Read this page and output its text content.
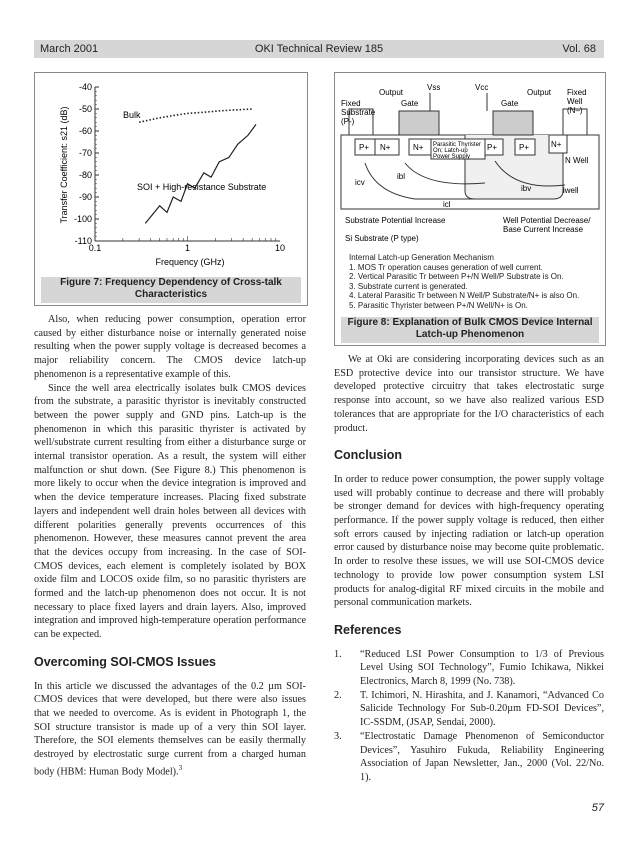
March 2001	OKI Technical Review 185	Vol. 68
-40
-50
-60
-70
-80
-90
-100
-110
0.1	1	10
Transfer Coefficient: s21 (dB)
Frequency (GHz)
Bulk
SOI + High-resistance Substrate
Figure 7: Frequency Dependency of Cross-talk Characteristics
Vss	Vcc
Output
Gate
Output
Gate
Fixed
Substrate
(P-)
Fixed
Well
(N–)
P+ N+	N+	P+	P+	N+
Parasitic Thyrister
On; Latch-up
Power Supply	N Well
icv
ibl
icl
ibv	iwell
Substrate Potential Increase	Well Potential Decrease/
Base Current Increase
Si Substrate (P type)
Internal Latch-up Generation Mechanism
1. MOS Tr operation causes generation of well current.
2. Vertical Parasitic Tr between P+/N Well/P Substrate is On.
3. Substrate current is generated.
4. Lateral Parasitic Tr between N Well/P Substrate/N+ is also On.
5. Parasitic Thyrister between P+/N Well/N+ is On.
Figure 8: Explanation of Bulk CMOS Device Internal Latch-up Phenomenon

Also, when reducing power consumption, operation error caused by either disturbance noise or internally generated noise resulting when the power supply voltage is decreased becomes a major reliability concern. The CMOS device latch-up phenomenon is a representative example of this.

Since the well area electrically isolates bulk CMOS devices from the substrate, a parasitic thyristor is inevitably constructed between the power supply and GND pins. Latch-up is the phenomenon in which this parasitic thyrister is activated by well/substrate current resulting from either a disturbance surge or internal transistor operation. As a result, the system will either malfunction or shut down. (See Figure 8.) This phenomenon is more likely to occur when the device integration is improved and when the device temperature increases. Placing fixed substrate layers and independent well drain holes between all devices with different polarities generally prevents occurrences of this phenomenon. However, these measures cannot prevent the area that the devices occupy from increasing. In the case of SOI-CMOS devices, each element is completely isolated by BOX oxide film and LOCOS oxide film, so no parasitic thyristers are formed and the latch-up phenomenon does not occur. It is not necessary to place fixed layers and drain layers. Also, improved integration and improved high-temperature operation performance can be expected.

Overcoming SOI-CMOS Issues

In this article we discussed the advantages of the 0.2 µm SOI-CMOS devices that were developed, but there were also issues that we needed to overcome. As is evident in Photograph 1, the SOI structure transistor is made up of a very thin SOI layer. Therefore, the SOI elements themselves can be easily thermally destroyed by electrostatic surge current from a charged human body (HBM: Human Body Model).$^3$

We at Oki are considering incorporating devices such as an ESD protective device into our transistor structure. We have developed protective circuitry that takes electrostatic surge response into account, so we have also realized various ESD tolerances that are appropriate for the I/O characteristics of each product.

Conclusion

In order to reduce power consumption, the power supply voltage used will probably continue to decrease and there will probably be stronger demand for devices with high-frequency operating performance. If the power supply voltage is reduced, then either soft errors caused by injecting radiation or latch-up operation error caused by disturbance noise may become quite problematic. In order to resolve these issues, we will use SOI-CMOS device technology to provide low power consumption system LSI products for analog-digital RF mixed circuits in the mobile and personal communication markets.

References
1.	“Reduced LSI Power Consumption to 1/3 of Previous Level Using SOI Technology”, Fumio Ichikawa, Nikkei Electronics, March 8, 1999 (No. 738).
2.	T. Ichimori, N. Hirashita, and J. Kanamori, “Advanced Co Salicide Technology For Sub-0.20µm FD-SOI Devices”, IC-SSDM, (JSAP, Sendai, 2000).
3.	“Electrostatic Damage Phenomenon of Semiconductor Devices”, Yasuhiro Fukuda, Reliability Engineering Association of Japan Newsletter, Jan., 2000 (Vol. 22/No. 1).
57
